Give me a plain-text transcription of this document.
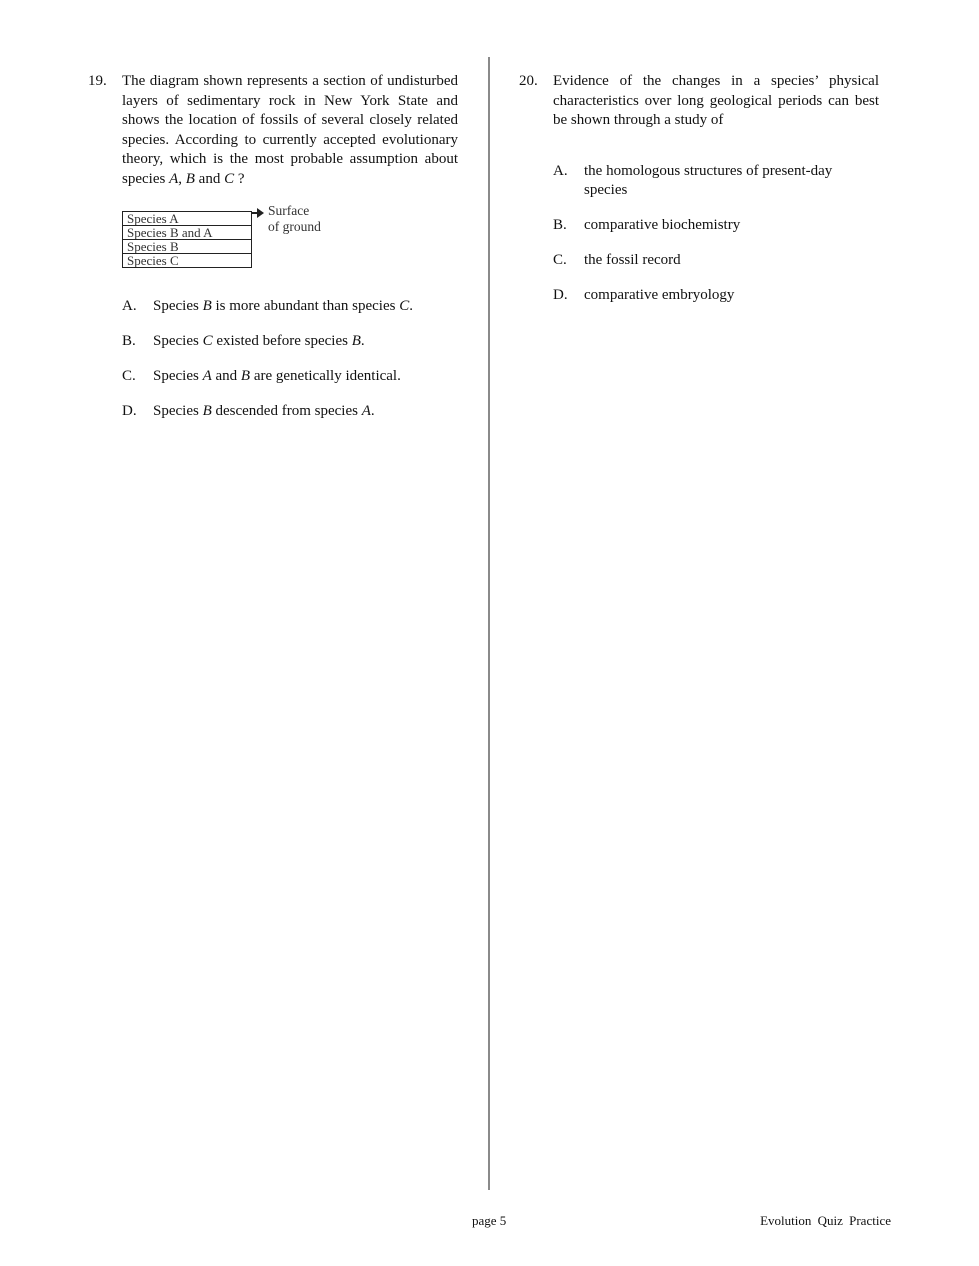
19. The diagram shown represents a section of undisturbed layers of sedimentary rock in New York State and shows the location of fossils of several closely related species. According to currently accepted evolutionary theory, which is the most probable assumption about species A, B and C ?
Species A
Species B and A
Species B
Species C
Surface
of ground
A. Species B is more abundant than species C.
B. Species C existed before species B.
C. Species A and B are genetically identical.
D. Species B descended from species A.
20. Evidence of the changes in a species’ physical characteristics over long geological periods can best be shown through a study of
A. the homologous structures of present-day species
B. comparative biochemistry
C. the fossil record
D. comparative embryology
page 5	Evolution Quiz Practice
